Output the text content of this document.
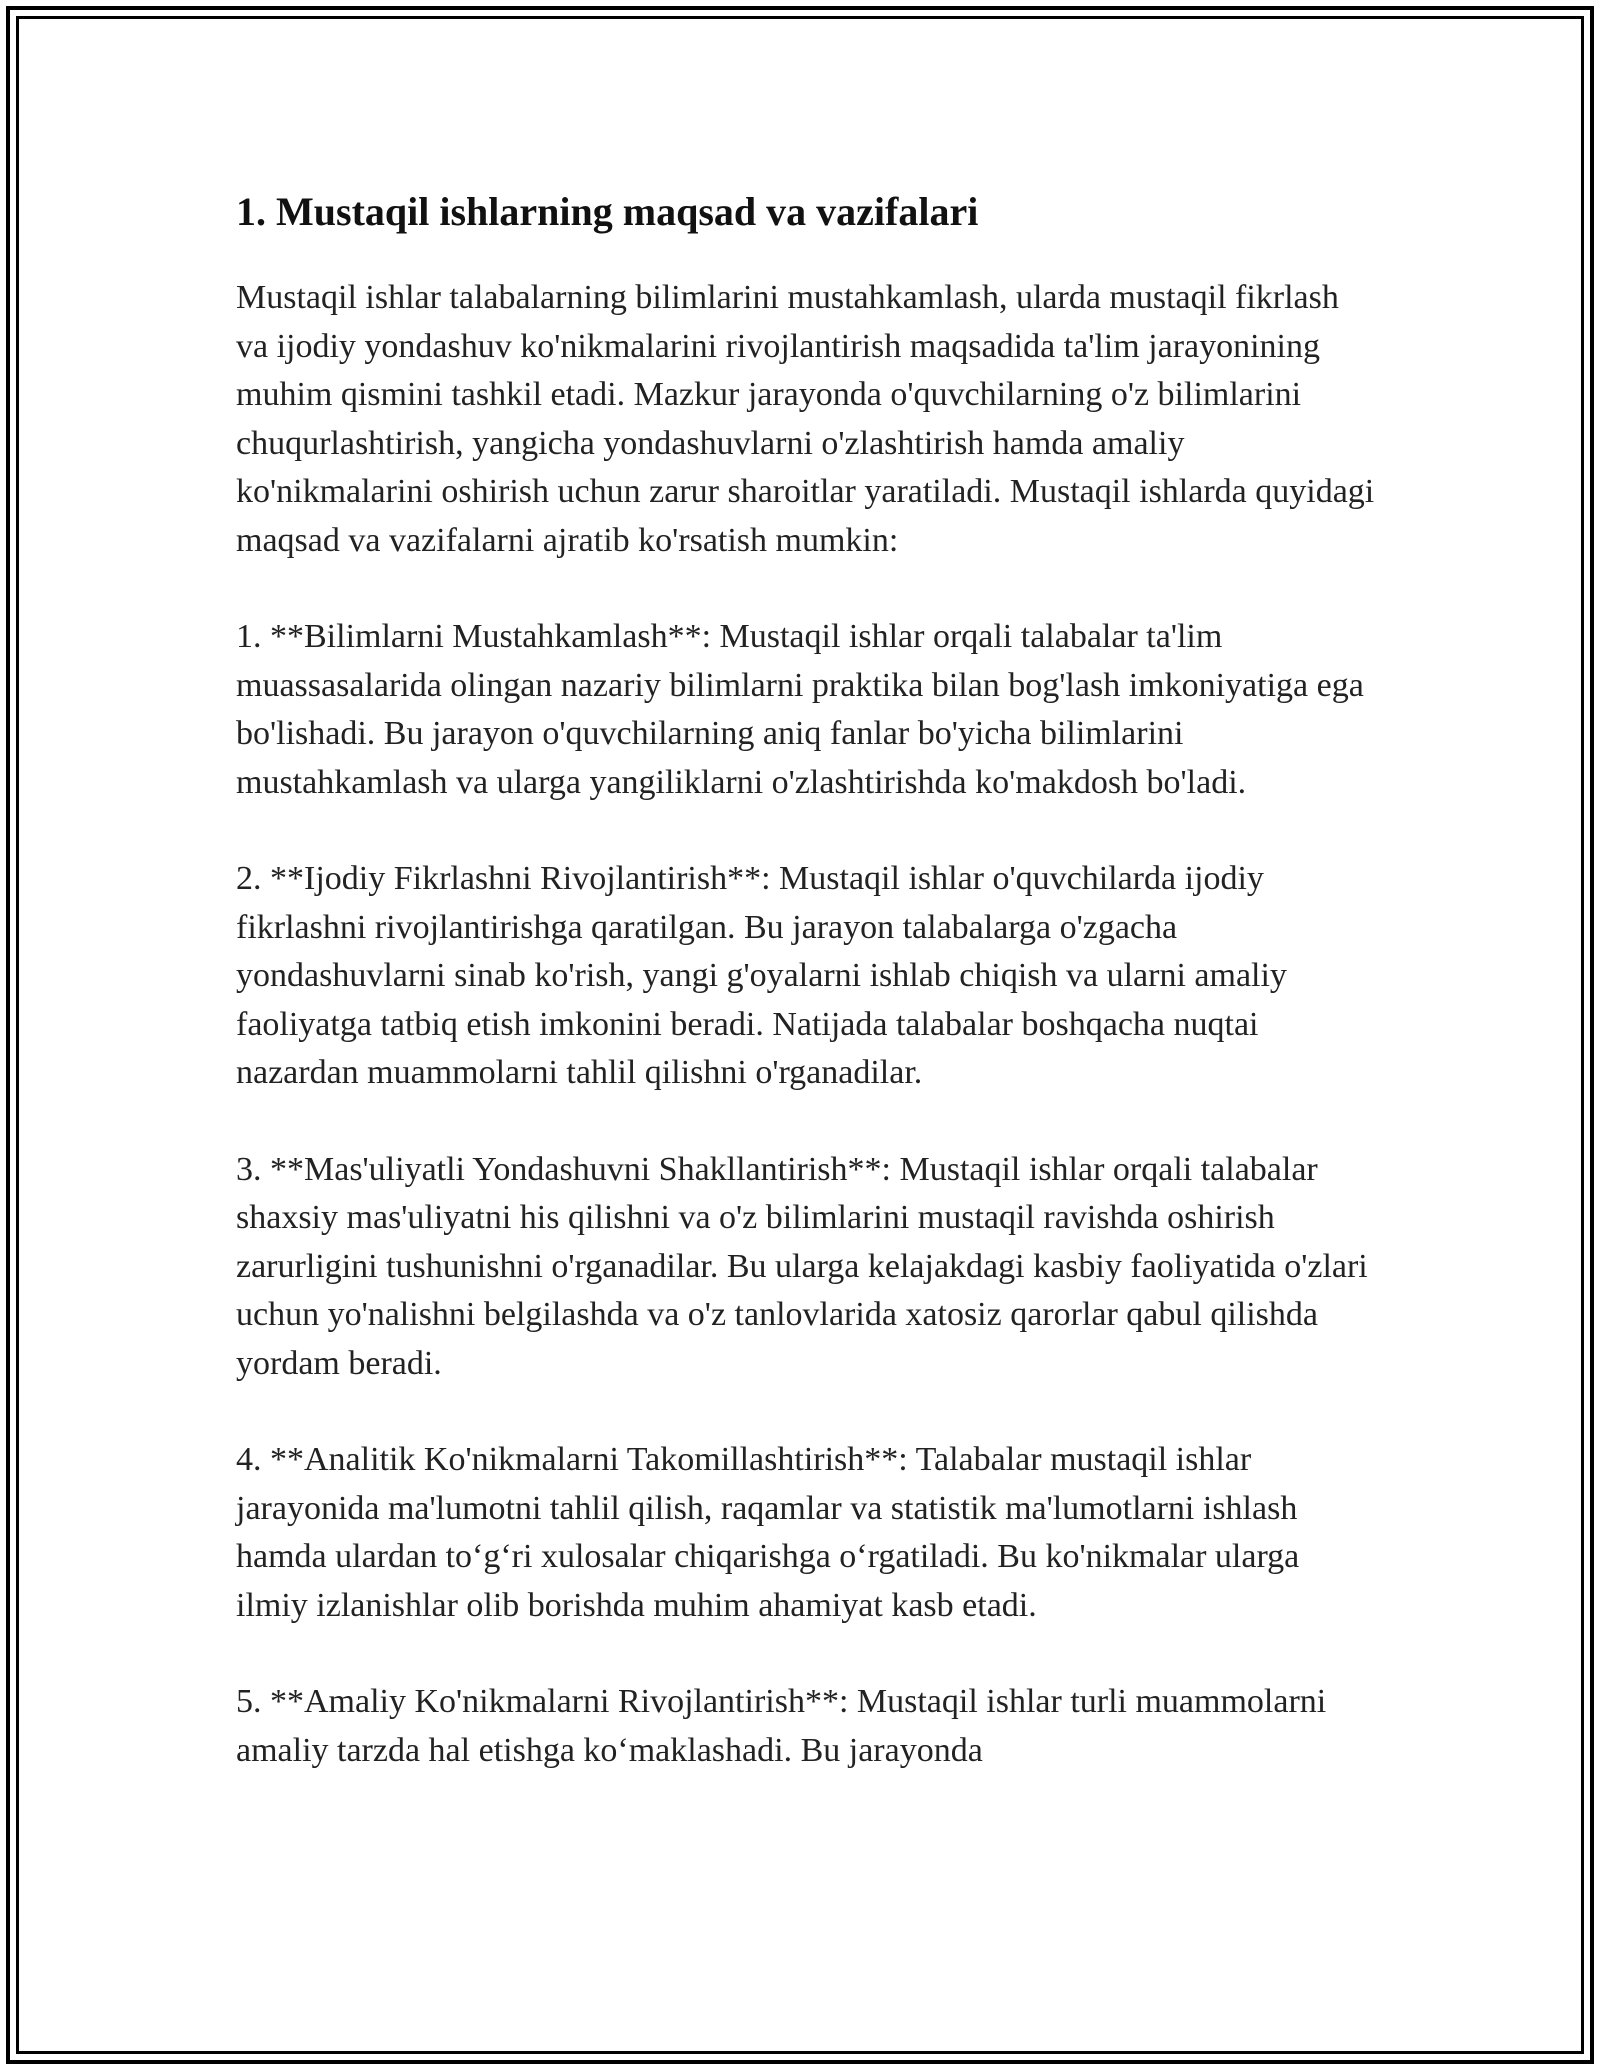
1. Mustaqil ishlarning maqsad va vazifalari

Mustaqil ishlar talabalarning bilimlarini mustahkamlash, ularda mustaqil fikrlash va ijodiy yondashuv ko'nikmalarini rivojlantirish maqsadida ta'lim jarayonining muhim qismini tashkil etadi. Mazkur jarayonda o'quvchilarning o'z bilimlarini chuqurlashtirish, yangicha yondashuvlarni o'zlashtirish hamda amaliy ko'nikmalarini oshirish uchun zarur sharoitlar yaratiladi. Mustaqil ishlarda quyidagi maqsad va vazifalarni ajratib ko'rsatish mumkin:

1. **Bilimlarni Mustahkamlash**: Mustaqil ishlar orqali talabalar ta'lim muassasalarida olingan nazariy bilimlarni praktika bilan bog'lash imkoniyatiga ega bo'lishadi. Bu jarayon o'quvchilarning aniq fanlar bo'yicha bilimlarini mustahkamlash va ularga yangiliklarni o'zlashtirishda ko'makdosh bo'ladi.

2. **Ijodiy Fikrlashni Rivojlantirish**: Mustaqil ishlar o'quvchilarda ijodiy fikrlashni rivojlantirishga qaratilgan. Bu jarayon talabalarga o'zgacha yondashuvlarni sinab ko'rish, yangi g'oyalarni ishlab chiqish va ularni amaliy faoliyatga tatbiq etish imkonini beradi. Natijada talabalar boshqacha nuqtai nazardan muammolarni tahlil qilishni o'rganadilar.

3. **Mas'uliyatli Yondashuvni Shakllantirish**: Mustaqil ishlar orqali talabalar shaxsiy mas'uliyatni his qilishni va o'z bilimlarini mustaqil ravishda oshirish zarurligini tushunishni o'rganadilar. Bu ularga kelajakdagi kasbiy faoliyatida o'zlari uchun yo'nalishni belgilashda va o'z tanlovlarida xatosiz qarorlar qabul qilishda yordam beradi.

4. **Analitik Ko'nikmalarni Takomillashtirish**: Talabalar mustaqil ishlar jarayonida ma'lumotni tahlil qilish, raqamlar va statistik ma'lumotlarni ishlash hamda ulardan to‘g‘ri xulosalar chiqarishga o‘rgatiladi. Bu ko'nikmalar ularga ilmiy izlanishlar olib borishda muhim ahamiyat kasb etadi.

5. **Amaliy Ko'nikmalarni Rivojlantirish**: Mustaqil ishlar turli muammolarni amaliy tarzda hal etishga ko‘maklashadi. Bu jarayonda
